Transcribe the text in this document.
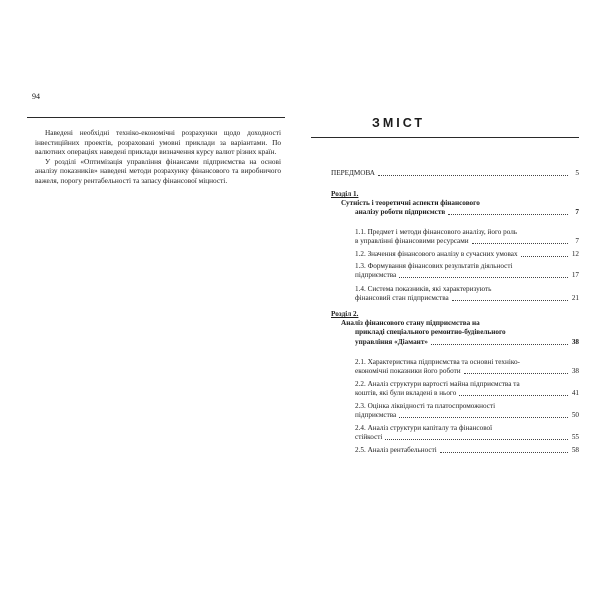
94

Наведені необхідні техніко-економічні розрахунки щодо доходності інвестиційних проектів, розраховані умовні приклади за варіантами. По валютних операціях наведені приклади визначення курсу валют різних країн.

У розділі «Оптимізація управління фінансами підприємства на основі аналізу показників» наведені методи розрахунку фінансового та виробничого важеля, порогу рентабельності та запасу фінансової міцності.

ЗМІСТ
ПЕРЕДМОВА	5
Розділ 1.
Сутність і теоретичні аспекти фінансового
аналізу роботи підприємств	7
1.1. Предмет і методи фінансового аналізу, його роль
в управлінні фінансовими ресурсами	7
1.2. Значення фінансового аналізу в сучасних умовах	12
1.3. Формування фінансових результатів діяльності
підприємства	17
1.4. Система показників, які характеризують
фінансовий стан підприємства	21
Розділ 2.
Аналіз фінансового стану підприємства на
прикладі спеціального ремонтно-будівельного
управління «Діамант»	38
2.1. Характеристика підприємства та основні техніко-
економічні показники його роботи	38
2.2. Аналіз структури вартості майна підприємства та
коштів, які були вкладені в нього	41
2.3. Оцінка ліквідності та платоспроможності
підприємства	50
2.4. Аналіз структури капіталу та фінансової
стійкості	55
2.5. Аналіз рентабельності	58
